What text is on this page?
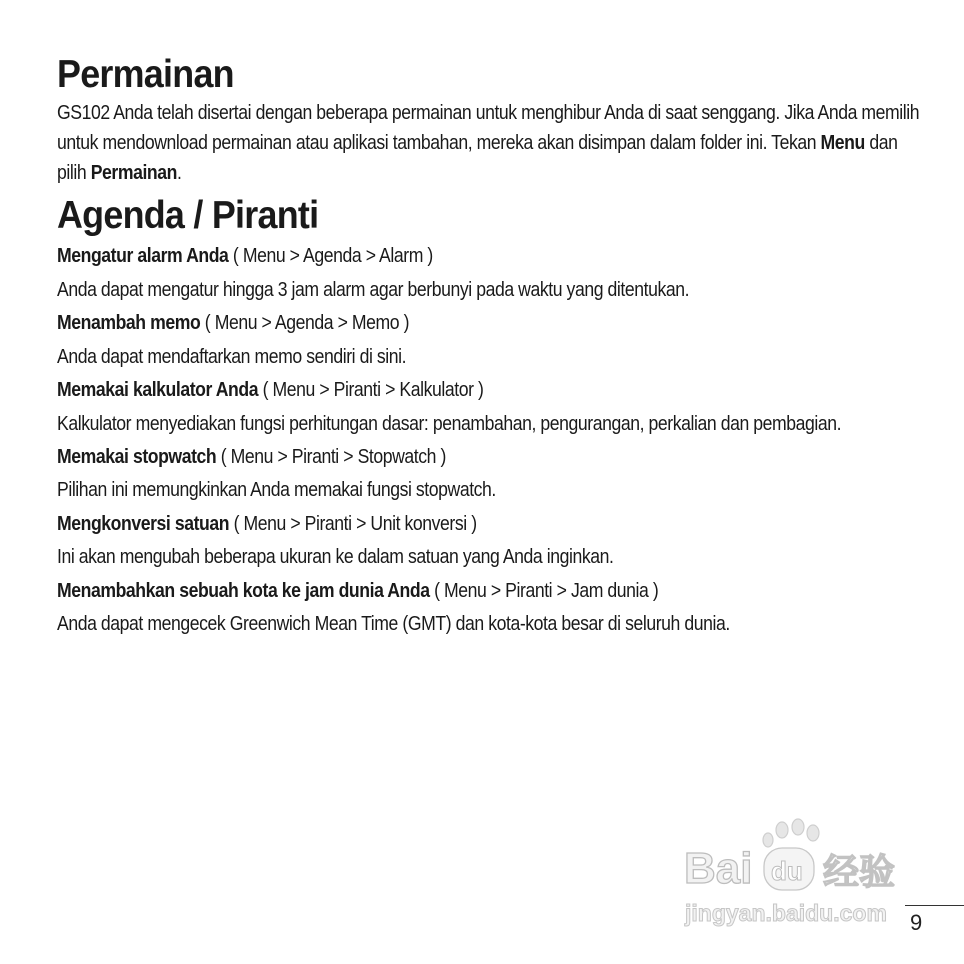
Permainan

GS102 Anda telah disertai dengan beberapa permainan untuk menghibur Anda di saat senggang. Jika Anda memilih untuk mendownload permainan atau aplikasi tambahan, mereka akan disimpan dalam folder ini. Tekan Menu dan pilih Permainan.

Agenda / Piranti

Mengatur alarm Anda ( Menu > Agenda > Alarm )

Anda dapat mengatur hingga 3 jam alarm agar berbunyi pada waktu yang ditentukan.

Menambah memo ( Menu > Agenda > Memo )

Anda dapat mendaftarkan memo sendiri di sini.

Memakai kalkulator Anda ( Menu > Piranti > Kalkulator )

Kalkulator menyediakan fungsi perhitungan dasar: penambahan, pengurangan, perkalian dan pembagian.

Memakai stopwatch ( Menu > Piranti > Stopwatch )

Pilihan ini memungkinkan Anda memakai fungsi stopwatch.

Mengkonversi satuan ( Menu > Piranti > Unit konversi )

Ini akan mengubah beberapa ukuran ke dalam satuan yang Anda inginkan.

Menambahkan sebuah kota ke jam dunia Anda ( Menu > Piranti > Jam dunia )

Anda dapat mengecek Greenwich Mean Time (GMT) dan kota-kota besar di seluruh dunia.

Bai du 经验
jingyan.baidu.com 9
